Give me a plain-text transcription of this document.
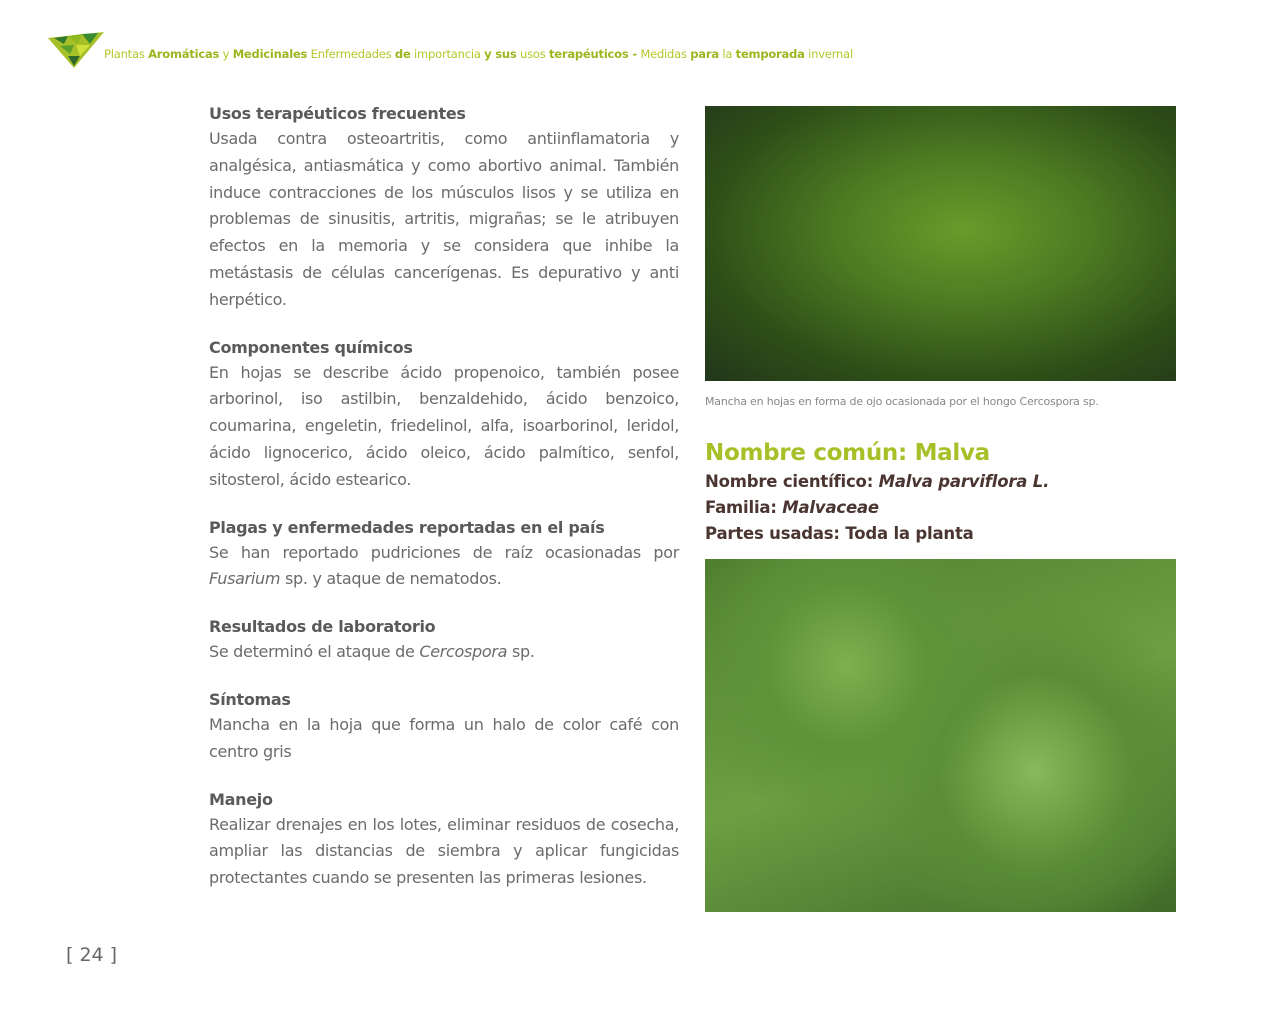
Plantas Aromáticas y Medicinales Enfermedades de importancia y sus usos terapéuticos - Medidas para la temporada invernal
Usos terapéuticos frecuentes

Usada contra osteoartritis, como antiinflamatoria y analgésica, antiasmática y como abortivo animal. También induce contracciones de los músculos lisos y se utiliza en problemas de sinusitis, artritis, migrañas; se le atribuyen efectos en la memoria y se considera que inhibe la metástasis de células cancerígenas. Es depurativo y anti herpético.

Componentes químicos

En hojas se describe ácido propenoico, también posee arborinol, iso astilbin, benzaldehido, ácido benzoico, coumarina, engeletin, friedelinol, alfa, isoarborinol, leridol, ácido lignocerico, ácido oleico, ácido palmítico, senfol, sitosterol, ácido estearico.

Plagas y enfermedades reportadas en el país

Se han reportado pudriciones de raíz ocasionadas por Fusarium sp. y ataque de nematodos.

Resultados de laboratorio

Se determinó el ataque de Cercospora sp.

Síntomas

Mancha en la hoja que forma un halo de color café con centro gris

Manejo

Realizar drenajes en los lotes, eliminar residuos de cosecha, ampliar las distancias de siembra y aplicar fungicidas protectantes cuando se presenten las primeras lesiones.

Mancha en hojas en forma de ojo ocasionada por el hongo Cercospora sp.
Nombre común: Malva
Nombre científico: Malva parviflora L.
Familia: Malvaceae
Partes usadas: Toda la planta
[ 24 ]
